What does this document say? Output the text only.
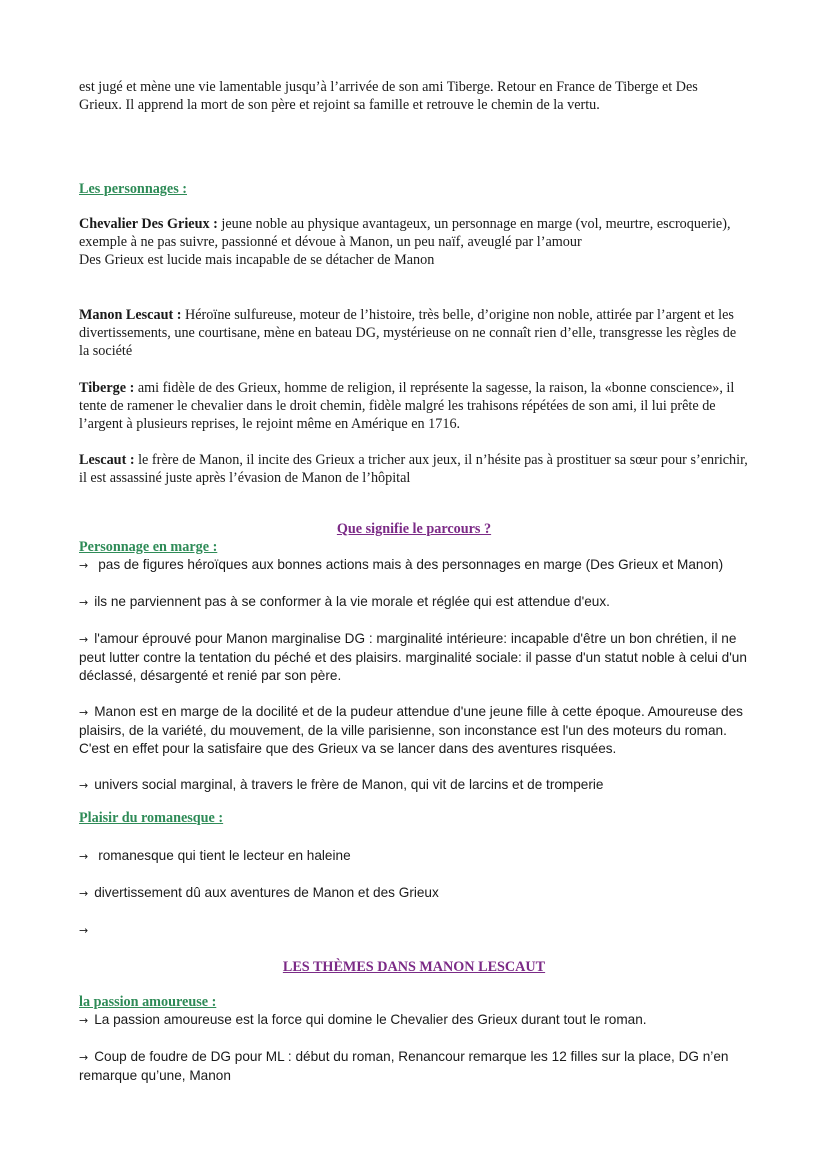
est jugé et mène une vie lamentable jusqu’à l’arrivée de son ami Tiberge. Retour en France de Tiberge et Des
Grieux. Il apprend la mort de son père et rejoint sa famille et retrouve le chemin de la vertu.

Les personnages :

Chevalier Des Grieux : jeune noble au physique avantageux, un personnage en marge (vol, meurtre, escroquerie), exemple à ne pas suivre, passionné et dévoue à Manon, un peu naïf, aveuglé par l’amour
Des Grieux est lucide mais incapable de se détacher de Manon

Manon Lescaut : Héroïne sulfureuse, moteur de l’histoire, très belle, d’origine non noble, attirée par l’argent et les divertissements, une courtisane, mène en bateau DG, mystérieuse on ne connaît rien d’elle, transgresse les règles de la société

Tiberge : ami fidèle de des Grieux, homme de religion, il représente la sagesse, la raison, la «bonne conscience», il tente de ramener le chevalier dans le droit chemin, fidèle malgré les trahisons répétées de son ami, il lui prête de l’argent à plusieurs reprises, le rejoint même en Amérique en 1716.

Lescaut : le frère de Manon, il incite des Grieux a tricher aux jeux, il n’hésite pas à prostituer sa sœur pour s’enrichir, il est assassiné juste après l’évasion de Manon de l’hôpital

Que signifie le parcours ?

Personnage en marge :

→ pas de figures héroïques aux bonnes actions mais à des personnages en marge (Des Grieux et Manon)

→ ils ne parviennent pas à se conformer à la vie morale et réglée qui est attendue d'eux.

→ l'amour éprouvé pour Manon marginalise DG : marginalité intérieure: incapable d'être un bon chrétien, il ne peut lutter contre la tentation du péché et des plaisirs. marginalité sociale: il passe d'un statut noble à celui d'un déclassé, désargenté et renié par son père.

→ Manon est en marge de la docilité et de la pudeur attendue d'une jeune fille à cette époque. Amoureuse des plaisirs, de la variété, du mouvement, de la ville parisienne, son inconstance est l'un des moteurs du roman. C'est en effet pour la satisfaire que des Grieux va se lancer dans des aventures risquées.

→ univers social marginal, à travers le frère de Manon, qui vit de larcins et de tromperie

Plaisir du romanesque :

→ romanesque qui tient le lecteur en haleine

→ divertissement dû aux aventures de Manon et des Grieux

→

LES THÈMES DANS MANON LESCAUT

la passion amoureuse :

→ La passion amoureuse est la force qui domine le Chevalier des Grieux durant tout le roman.

→ Coup de foudre de DG pour ML : début du roman, Renancour remarque les 12 filles sur la place, DG n’en remarque qu’une, Manon
